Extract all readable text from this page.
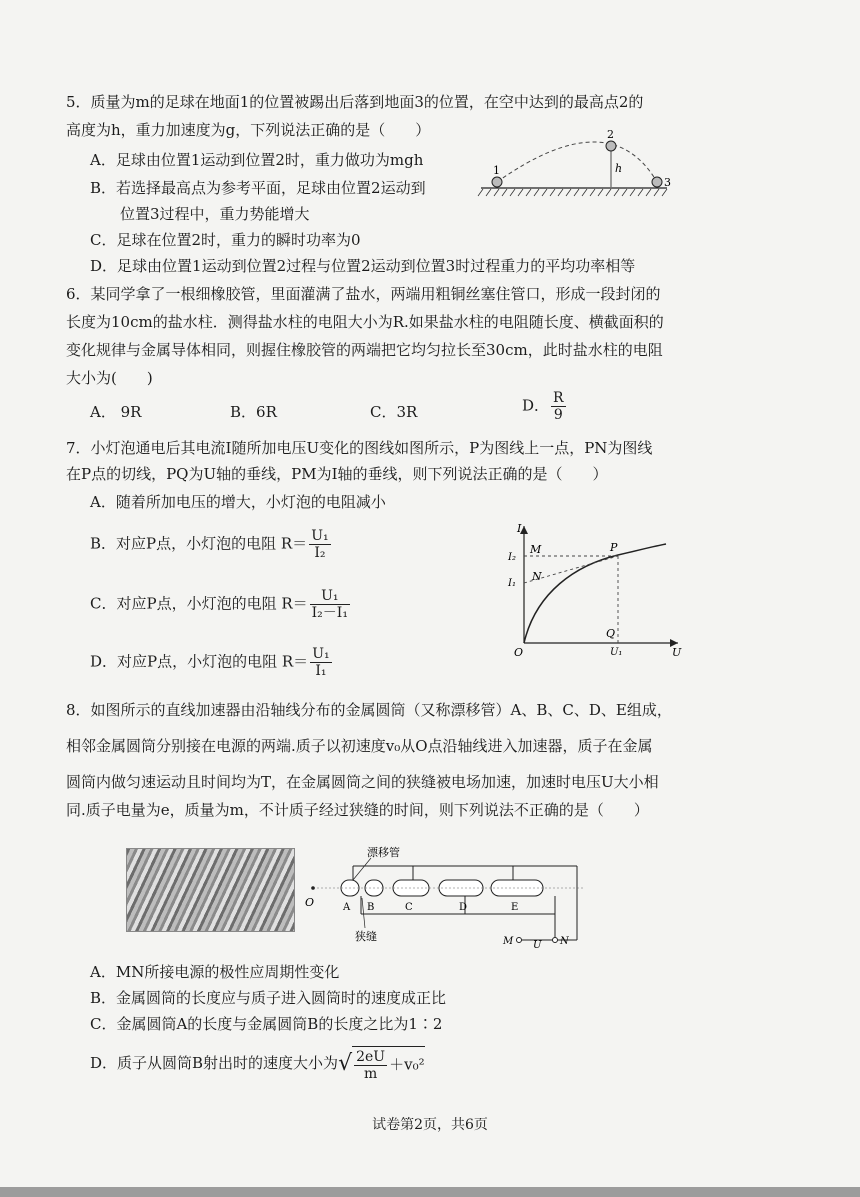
5．质量为m的足球在地面1的位置被踢出后落到地面3的位置，在空中达到的最高点2的
高度为h，重力加速度为g，下列说法正确的是（　　）
A．足球由位置1运动到位置2时，重力做功为mgh
B．若选择最高点为参考平面，足球由位置2运动到
位置3过程中，重力势能增大
C．足球在位置2时，重力的瞬时功率为0
D．足球由位置1运动到位置2过程与位置2运动到位置3时过程重力的平均功率相等
1
2
3
h
6．某同学拿了一根细橡胶管，里面灌满了盐水，两端用粗铜丝塞住管口，形成一段封闭的
长度为10cm的盐水柱．测得盐水柱的电阻大小为R.如果盐水柱的电阻随长度、横截面积的
变化规律与金属导体相同，则握住橡胶管的两端把它均匀拉长至30cm，此时盐水柱的电阻
大小为(　　)
A． 9R	B．6R	C．3R	D． $\frac{R}{9}$
7．小灯泡通电后其电流I随所加电压U变化的图线如图所示，P为图线上一点，PN为图线
在P点的切线，PQ为U轴的垂线，PM为I轴的垂线，则下列说法正确的是（　　）
A．随着所加电压的增大，小灯泡的电阻减小
B．对应P点，小灯泡的电阻 $R= \frac{\text{U₁}}{\text{I₂}}$
C．对应P点，小灯泡的电阻 $R= \frac{\text{U₁}}{\text{I₂－I₁}}$
D．对应P点，小灯泡的电阻 $R= \frac{\text{U₁}}{\text{I₁}}$
I
U
O
M
N
P
Q
I₂
I₁
U₁
8．如图所示的直线加速器由沿轴线分布的金属圆筒（又称漂移管）A、B、C、D、E组成，
相邻金属圆筒分别接在电源的两端.质子以初速度v₀从O点沿轴线进入加速器，质子在金属
圆筒内做匀速运动且时间均为T，在金属圆筒之间的狭缝被电场加速，加速时电压U大小相
同.质子电量为e，质量为m，不计质子经过狭缝的时间，则下列说法不正确的是（　　）
漂移管
狭缝
O	A B	C	D	E
M	N
U
A．MN所接电源的极性应周期性变化
B．金属圆筒的长度应与质子进入圆筒时的速度成正比
C．金属圆筒A的长度与金属圆筒B的长度之比为1∶2
D．质子从圆筒B射出时的速度大小为√ $\frac{2eU}{m} +v_0^2$
试卷第2页，共6页
